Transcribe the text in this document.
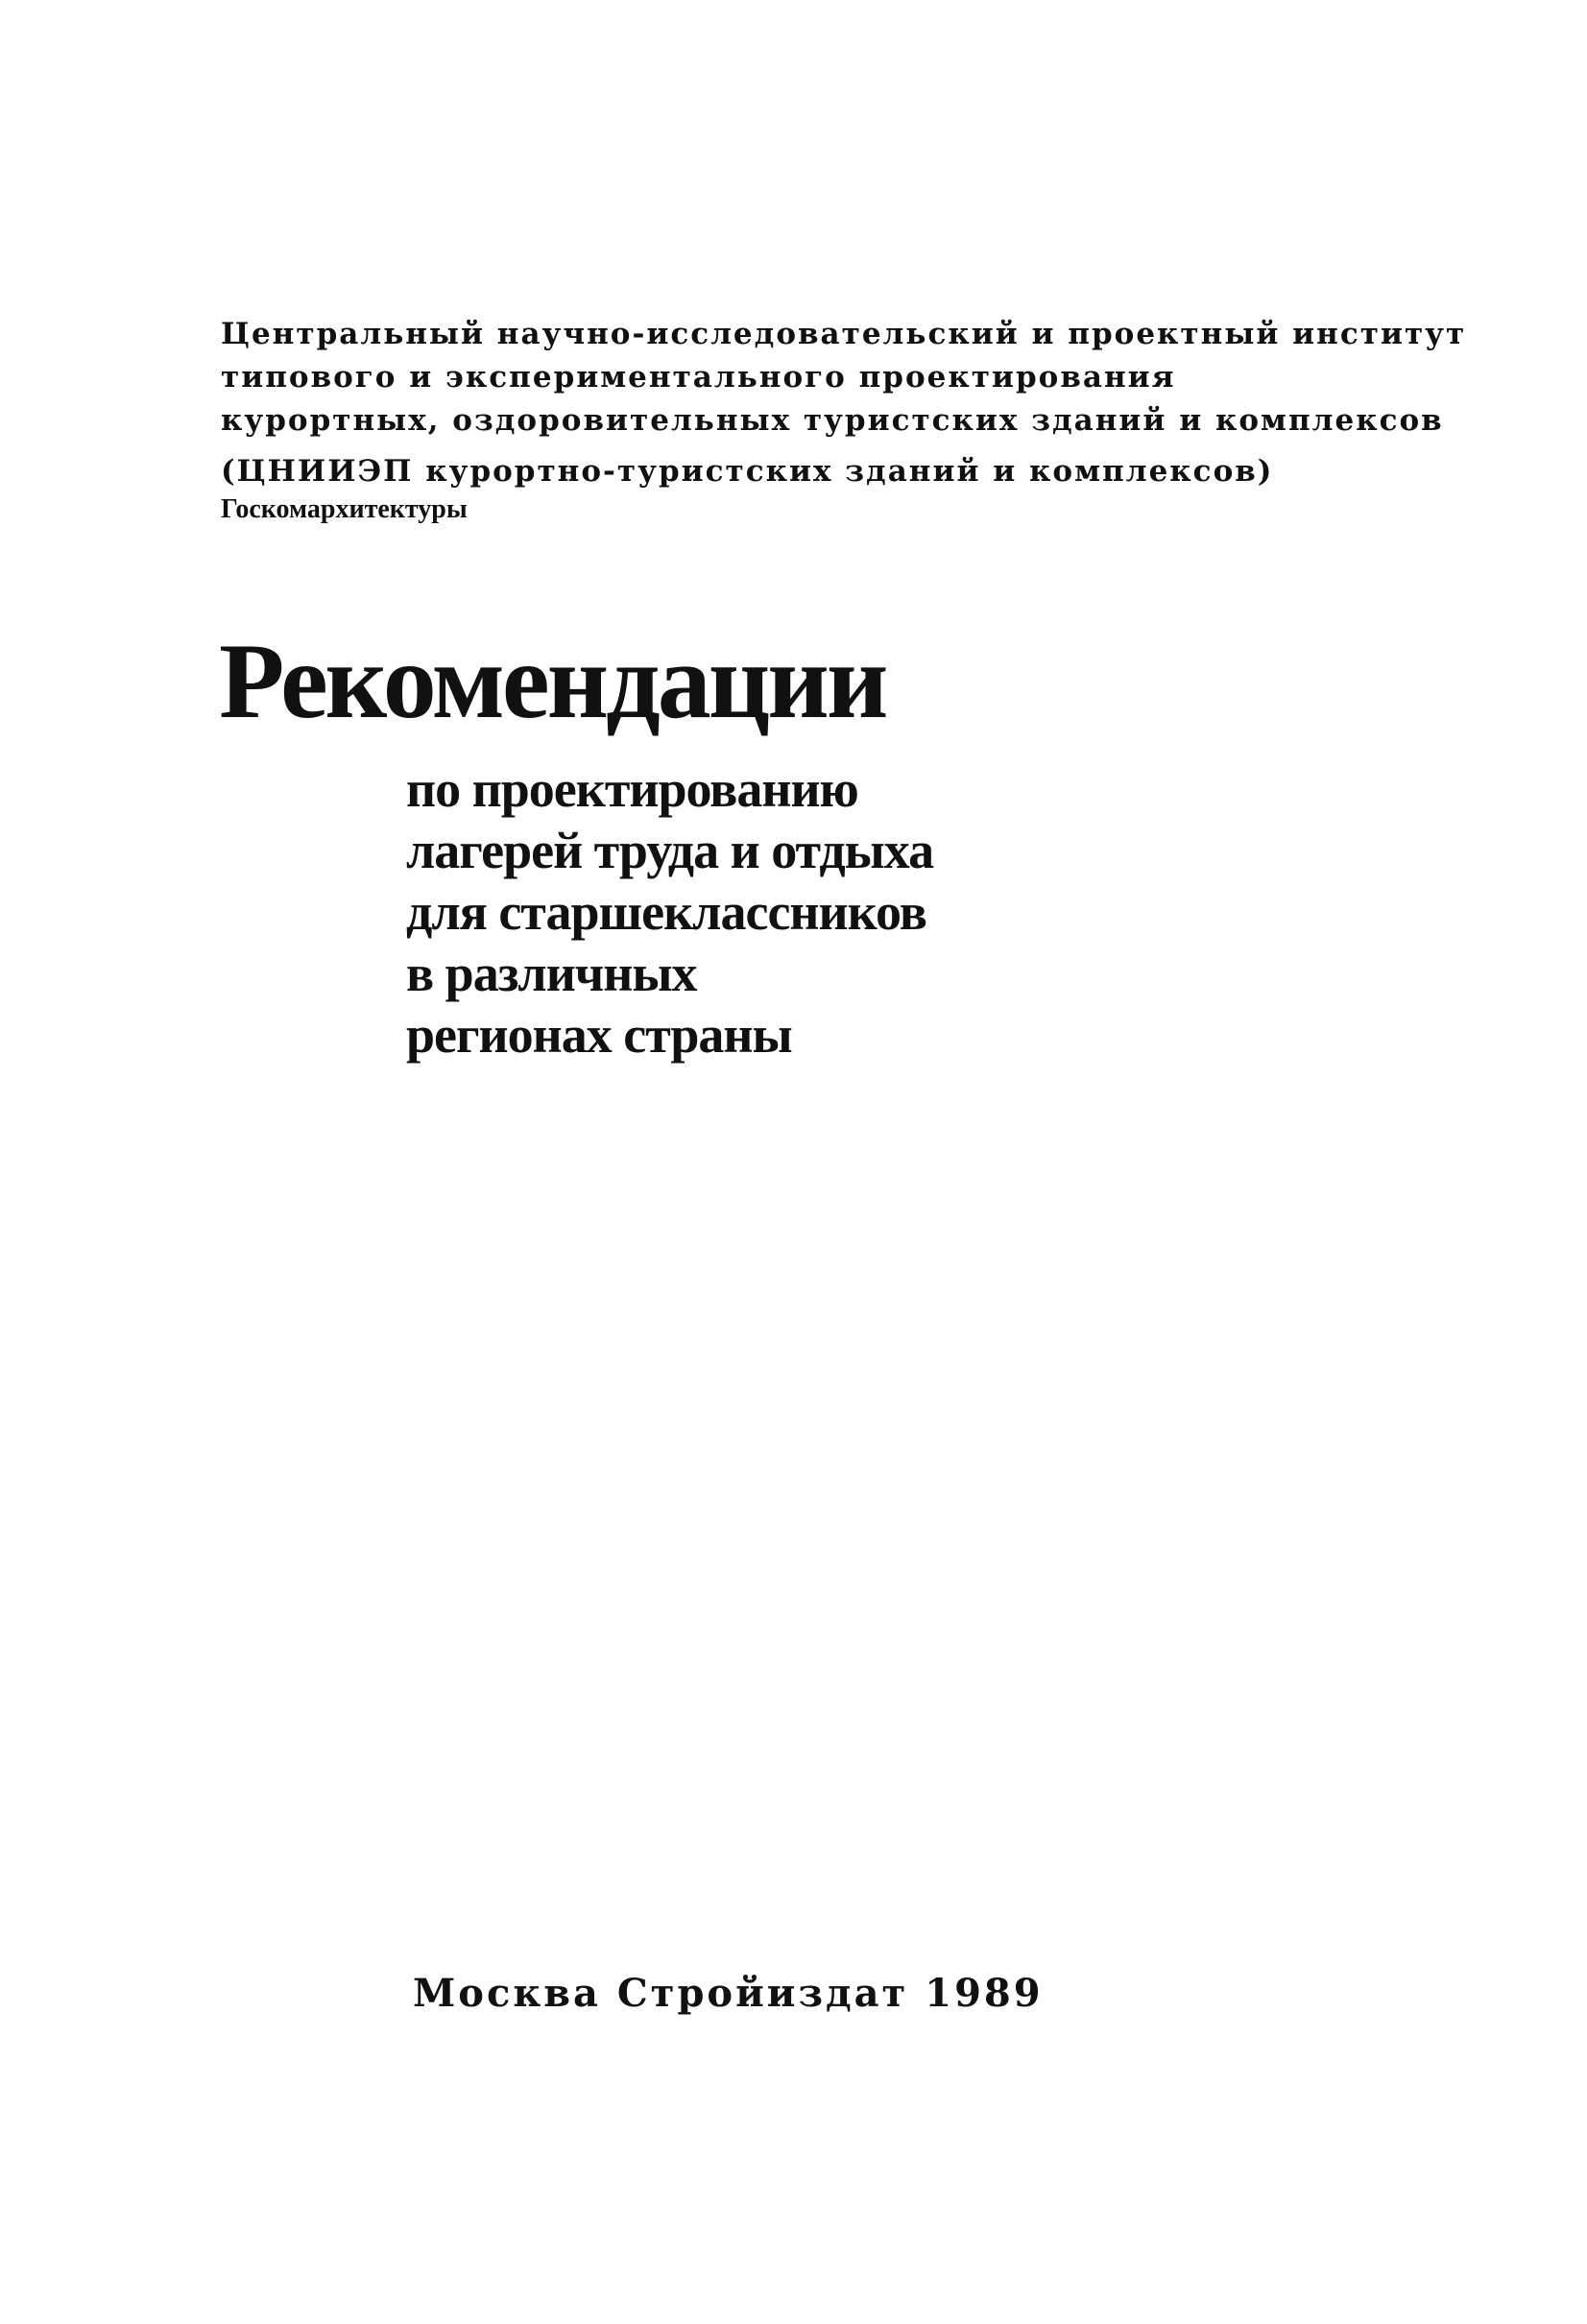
Центральный научно-исследовательский и проектный институт
типового и экспериментального проектирования
курортных, оздоровительных туристских зданий и комплексов
(ЦНИИЭП курортно-туристских зданий и комплексов)
Госкомархитектуры
Рекомендации
по проектированию
лагерей труда и отдыха
для старшеклассников
в различных
регионах страны
Москва Стройиздат 1989
